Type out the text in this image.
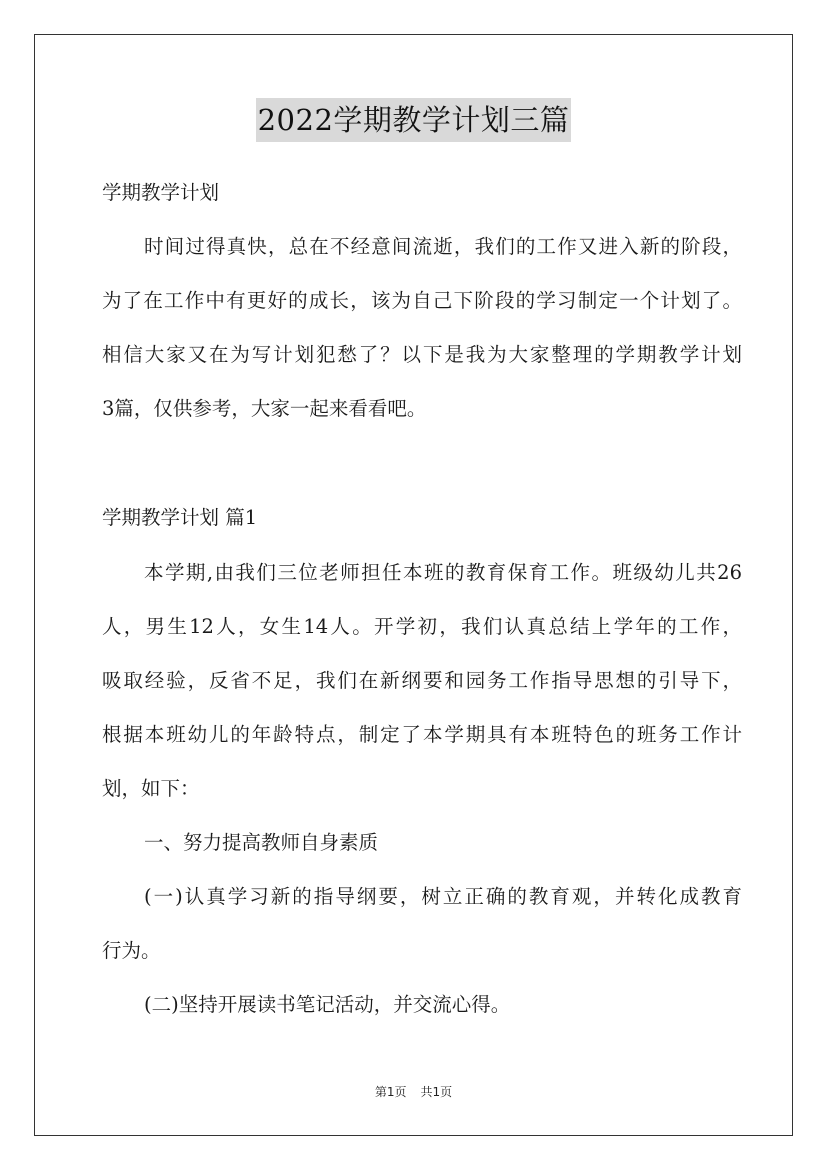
2022学期教学计划三篇
学期教学计划
时间过得真快，总在不经意间流逝，我们的工作又进入新的阶段，
为了在工作中有更好的成长，该为自己下阶段的学习制定一个计划了。
相信大家又在为写计划犯愁了？以下是我为大家整理的学期教学计划
3篇，仅供参考，大家一起来看看吧。
学期教学计划 篇1
本学期,由我们三位老师担任本班的教育保育工作。班级幼儿共26
人，男生12人，女生14人。开学初，我们认真总结上学年的工作，
吸取经验，反省不足，我们在新纲要和园务工作指导思想的引导下，
根据本班幼儿的年龄特点，制定了本学期具有本班特色的班务工作计
划，如下：
一、努力提高教师自身素质
(一)认真学习新的指导纲要，树立正确的教育观，并转化成教育
行为。
(二)坚持开展读书笔记活动，并交流心得。
第1页 共1页
